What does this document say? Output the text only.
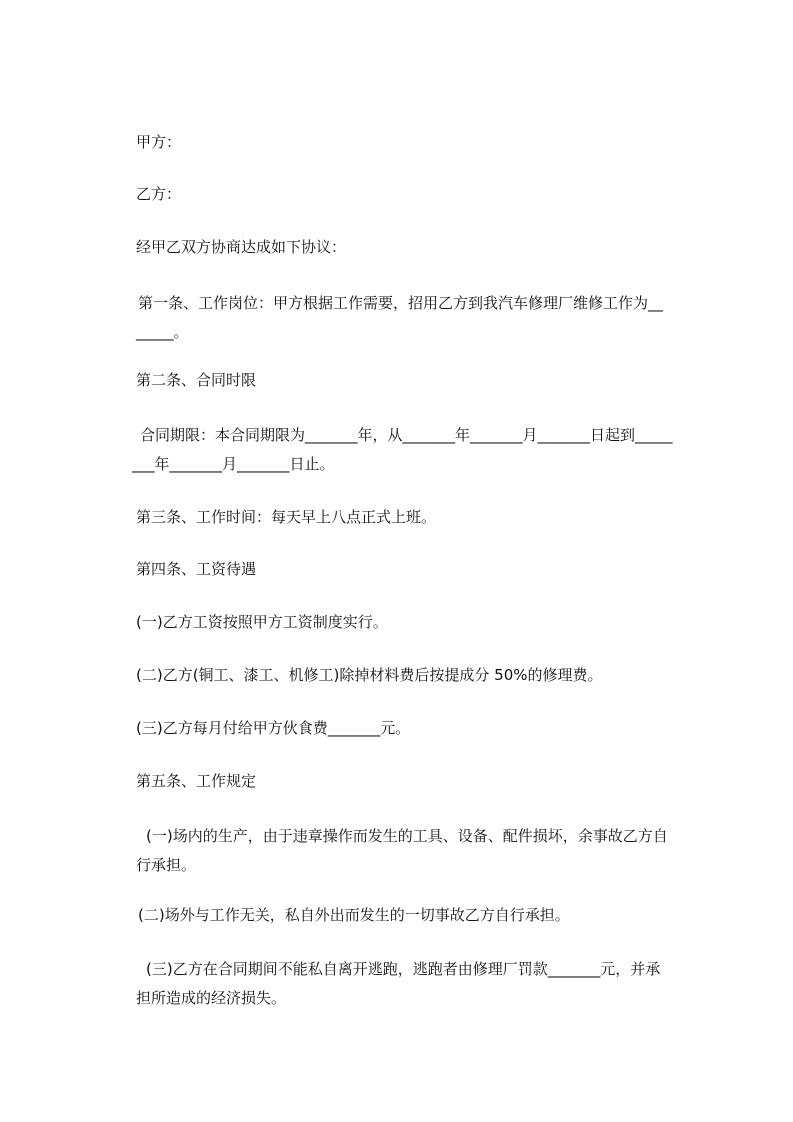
甲方：

乙方：

经甲乙双方协商达成如下协议：

第一条、工作岗位：甲方根据工作需要，招用乙方到我汽车修理厂维修工作为__
_____。

第二条、合同时限

合同期限：本合同期限为_______年，从_______年_______月_______日起到_____
___年_______月_______日止。

第三条、工作时间：每天早上八点正式上班。

第四条、工资待遇

(一)乙方工资按照甲方工资制度实行。

(二)乙方(铜工、漆工、机修工)除掉材料费后按提成分 50%的修理费。

(三)乙方每月付给甲方伙食费_______元。

第五条、工作规定

(一)场内的生产，由于违章操作而发生的工具、设备、配件损坏，余事故乙方自
行承担。

(二)场外与工作无关，私自外出而发生的一切事故乙方自行承担。

(三)乙方在合同期间不能私自离开逃跑，逃跑者由修理厂罚款_______元，并承
担所造成的经济损失。
